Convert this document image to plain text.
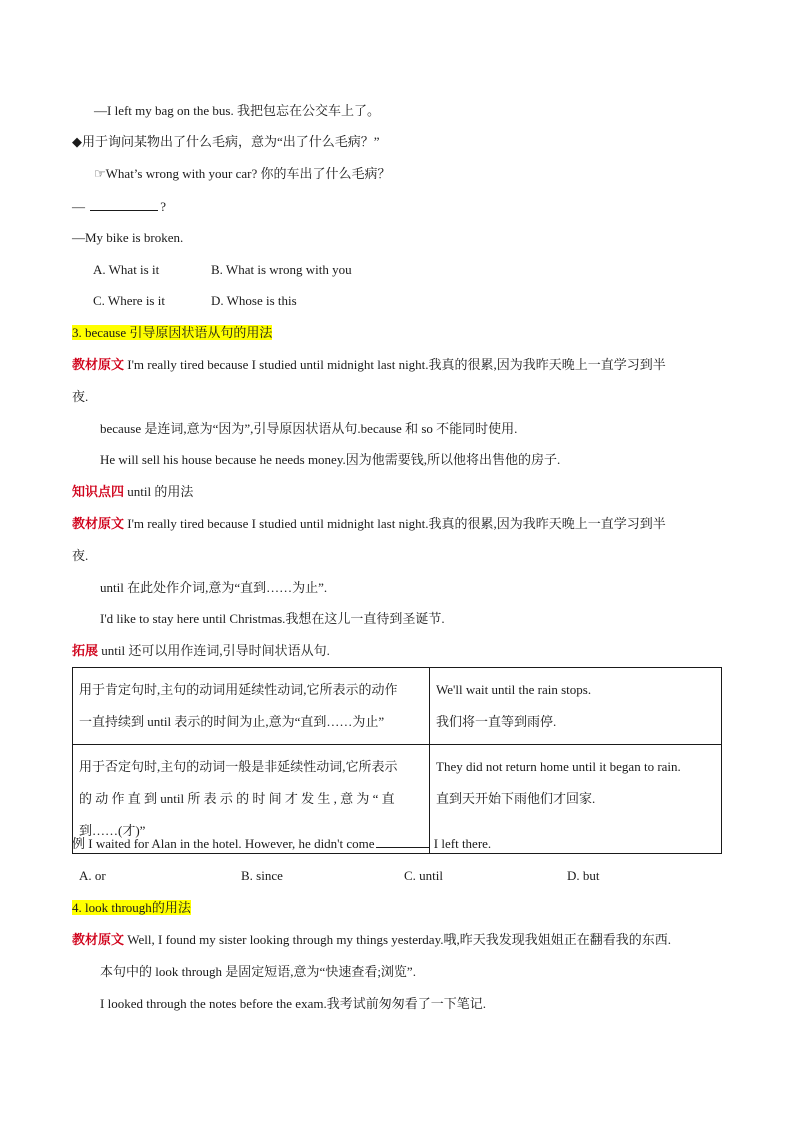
—I left my bag on the bus. 我把包忘在公交车上了。
◆用于询问某物出了什么毛病，意为“出了什么毛病？”
☞What’s wrong with your car? 你的车出了什么毛病？
—	?
—My bike is broken.
A. What is it	B. What is wrong with you
C. Where is it	D. Whose is this
3. because 引导原因状语从句的用法
教材原文 I'm really tired because I studied until midnight last night.我真的很累,因为我昨天晚上一直学习到半
夜.
because 是连词,意为“因为”,引导原因状语从句.because 和 so 不能同时使用.
He will sell his house because he needs money.因为他需要钱,所以他将出售他的房子.
知识点四 until 的用法
教材原文 I'm really tired because I studied until midnight last night.我真的很累,因为我昨天晚上一直学习到半
夜.
until 在此处作介词,意为“直到……为止”.
I'd like to stay here until Christmas.我想在这儿一直待到圣诞节.
拓展 until 还可以用作连词,引导时间状语从句.
用于肯定句时,主句的动词用延续性动词,它所表示的动作
一直持续到 until 表示的时间为止,意为“直到……为止”	We'll wait until the rain stops.
我们将一直等到雨停.

用于否定句时,主句的动词一般是非延续性动词,它所表示
的 动 作 直 到 until 所 表 示 的 时 间 才 发 生 , 意 为 “ 直
到……(才)”	They did not return home until it began to rain.
直到天开始下雨他们才回家.
例 I waited for Alan in the hotel. However, he didn't come	I left there.
A. or	B. since	C. until	D. but
4. look through的用法
教材原文 Well, I found my sister looking through my things yesterday.哦,昨天我发现我姐姐正在翻看我的东西.
本句中的 look through 是固定短语,意为“快速查看;浏览”.
I looked through the notes before the exam.我考试前匆匆看了一下笔记.
